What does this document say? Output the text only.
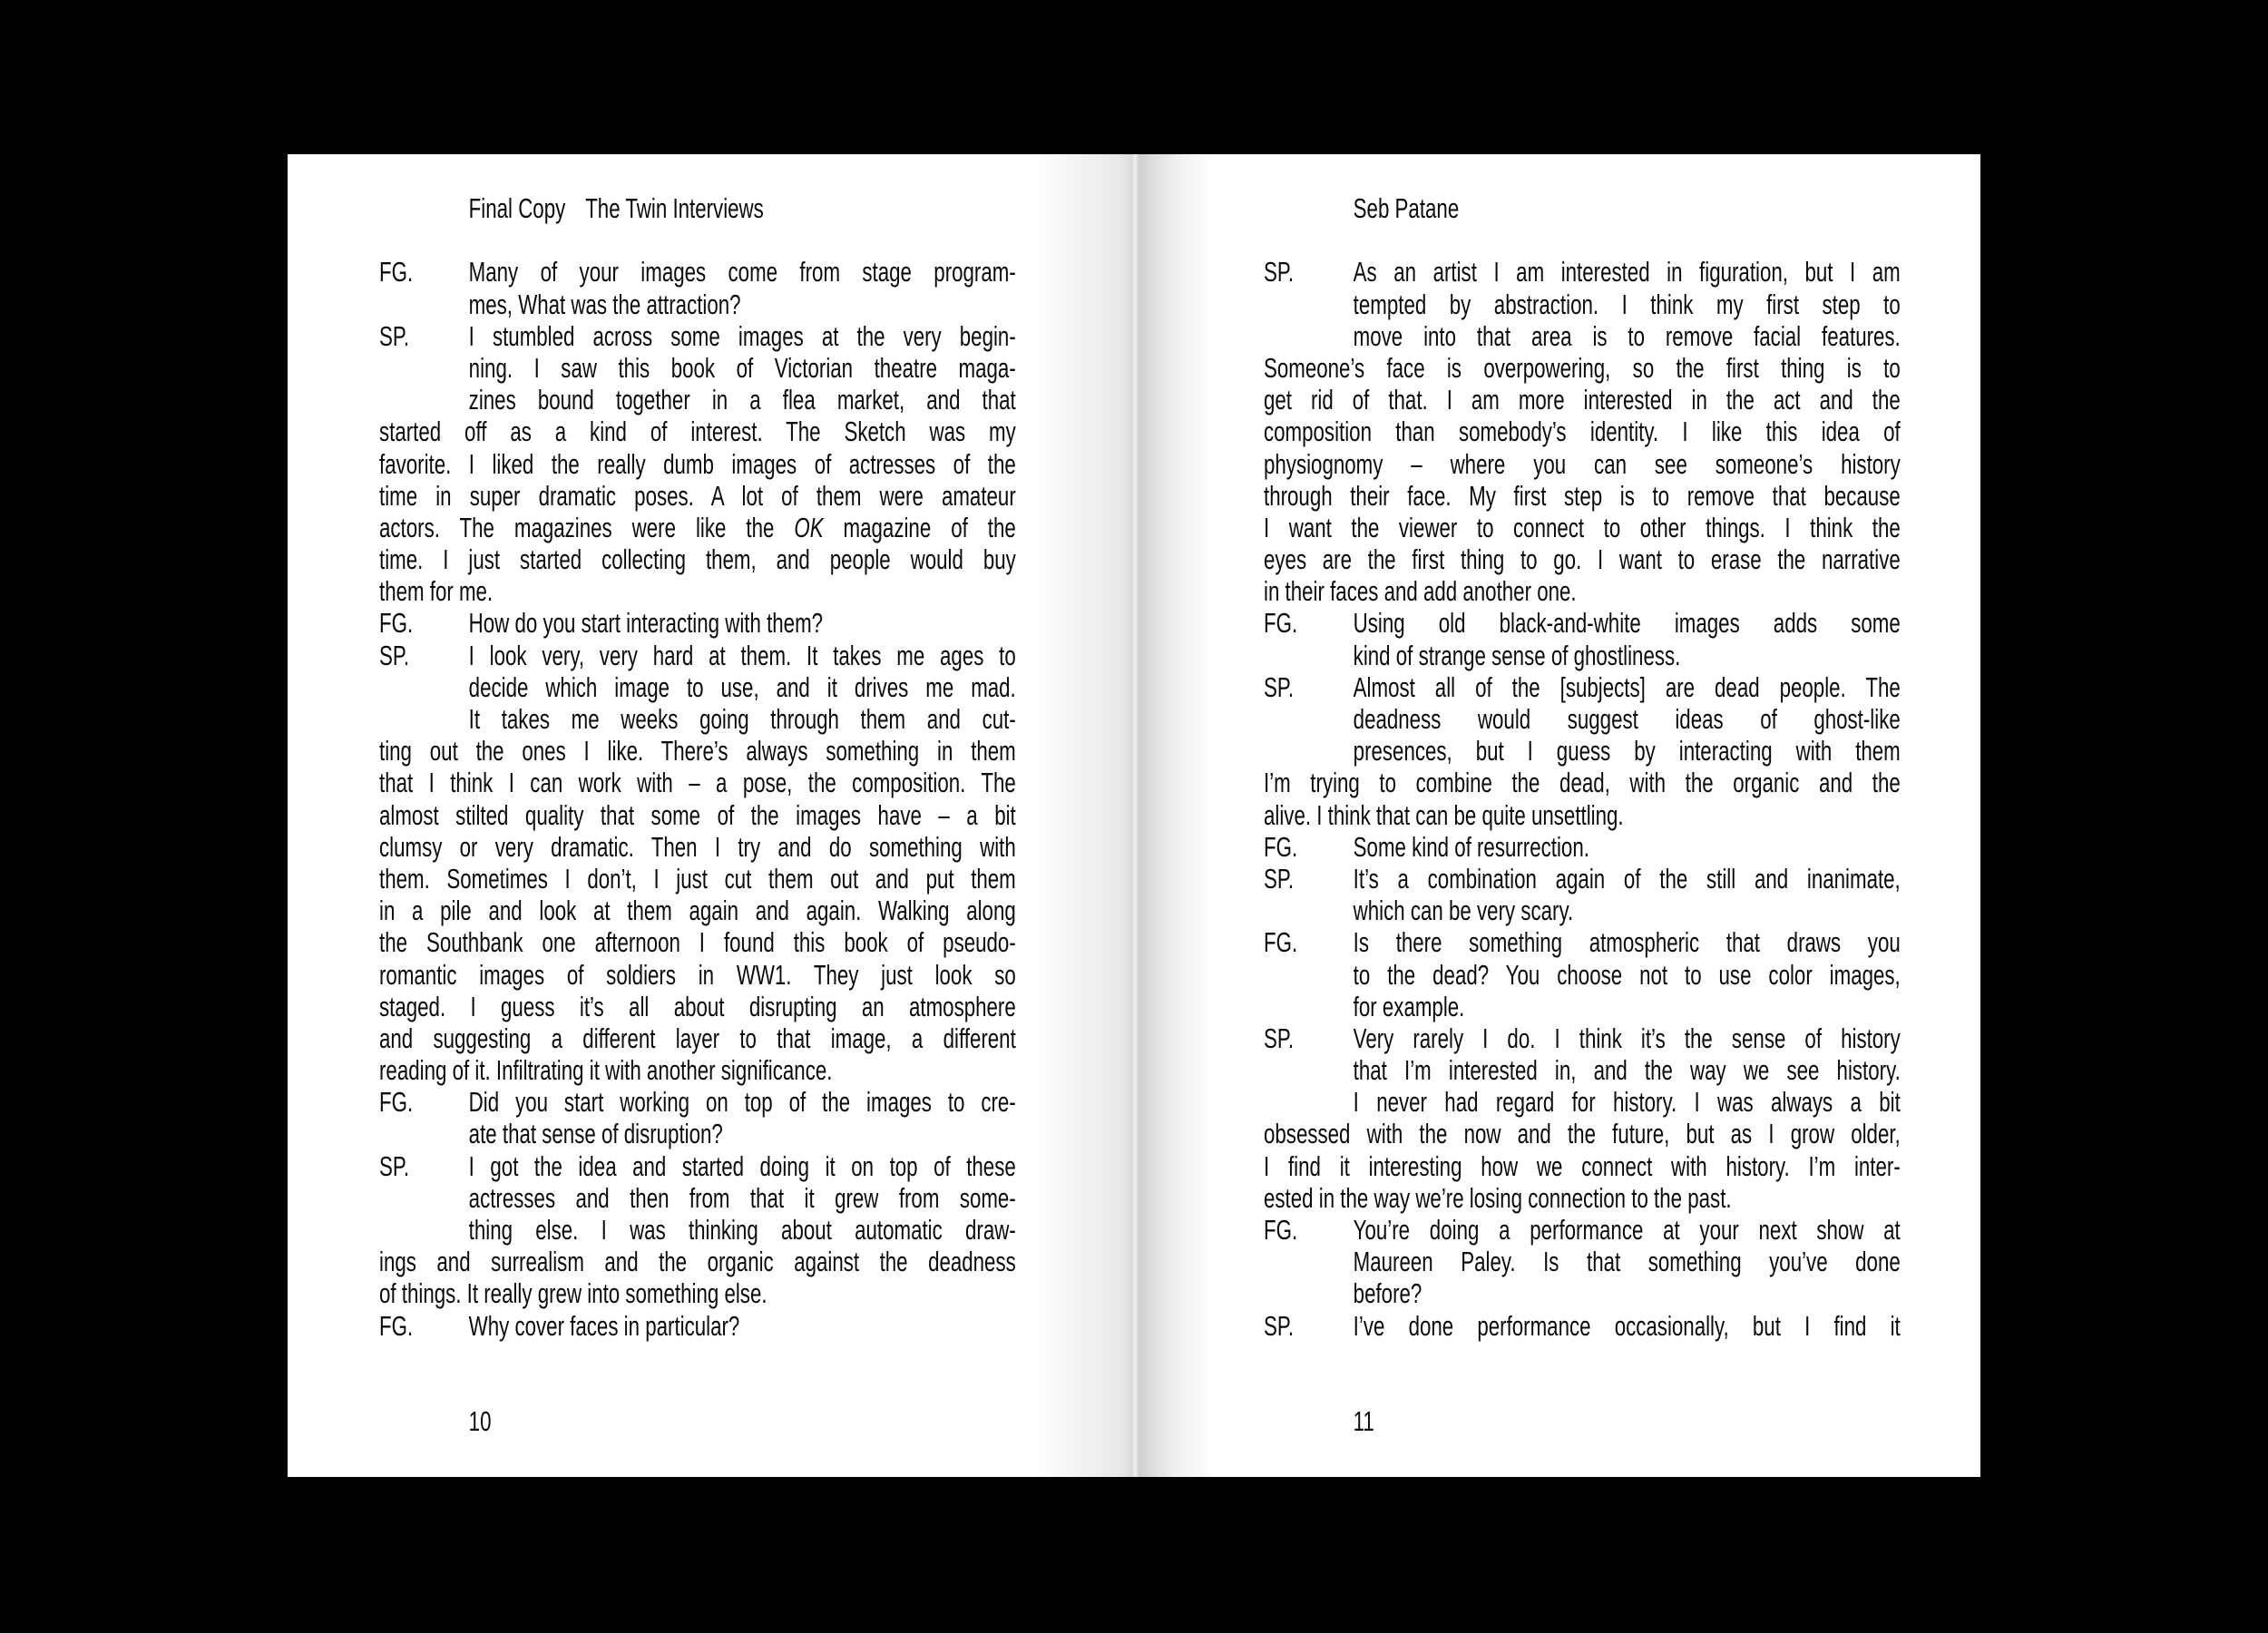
Final Copy The Twin Interviews
FG. Many of your images come from stage program-
mes, What was the attraction?
SP. I stumbled across some images at the very begin-
ning. I saw this book of Victorian theatre maga-
zines bound together in a flea market, and that
started off as a kind of interest. The Sketch was my
favorite. I liked the really dumb images of actresses of the
time in super dramatic poses. A lot of them were amateur
actors. The magazines were like the OK magazine of the
time. I just started collecting them, and people would buy
them for me.
FG. How do you start interacting with them?
SP. I look very, very hard at them. It takes me ages to
decide which image to use, and it drives me mad.
It takes me weeks going through them and cut-
ting out the ones I like. There’s always something in them
that I think I can work with – a pose, the composition. The
almost stilted quality that some of the images have – a bit
clumsy or very dramatic. Then I try and do something with
them. Sometimes I don’t, I just cut them out and put them
in a pile and look at them again and again. Walking along
the Southbank one afternoon I found this book of pseudo-
romantic images of soldiers in WW1. They just look so
staged. I guess it’s all about disrupting an atmosphere
and suggesting a different layer to that image, a different
reading of it. Infiltrating it with another significance.
FG. Did you start working on top of the images to cre-
ate that sense of disruption?
SP. I got the idea and started doing it on top of these
actresses and then from that it grew from some-
thing else. I was thinking about automatic draw-
ings and surrealism and the organic against the deadness
of things. It really grew into something else.
FG. Why cover faces in particular?
10
Seb Patane
SP. As an artist I am interested in figuration, but I am
tempted by abstraction. I think my first step to
move into that area is to remove facial features.
Someone’s face is overpowering, so the first thing is to
get rid of that. I am more interested in the act and the
composition than somebody’s identity. I like this idea of
physiognomy – where you can see someone’s history
through their face. My first step is to remove that because
I want the viewer to connect to other things. I think the
eyes are the first thing to go. I want to erase the narrative
in their faces and add another one.
FG. Using old black-and-white images adds some
kind of strange sense of ghostliness.
SP. Almost all of the [subjects] are dead people. The
deadness would suggest ideas of ghost-like
presences, but I guess by interacting with them
I’m trying to combine the dead, with the organic and the
alive. I think that can be quite unsettling.
FG. Some kind of resurrection.
SP. It’s a combination again of the still and inanimate,
which can be very scary.
FG. Is there something atmospheric that draws you
to the dead? You choose not to use color images,
for example.
SP. Very rarely I do. I think it’s the sense of history
that I’m interested in, and the way we see history.
I never had regard for history. I was always a bit
obsessed with the now and the future, but as I grow older,
I find it interesting how we connect with history. I’m inter-
ested in the way we’re losing connection to the past.
FG. You’re doing a performance at your next show at
Maureen Paley. Is that something you’ve done
before?
SP. I’ve done performance occasionally, but I find it
11
